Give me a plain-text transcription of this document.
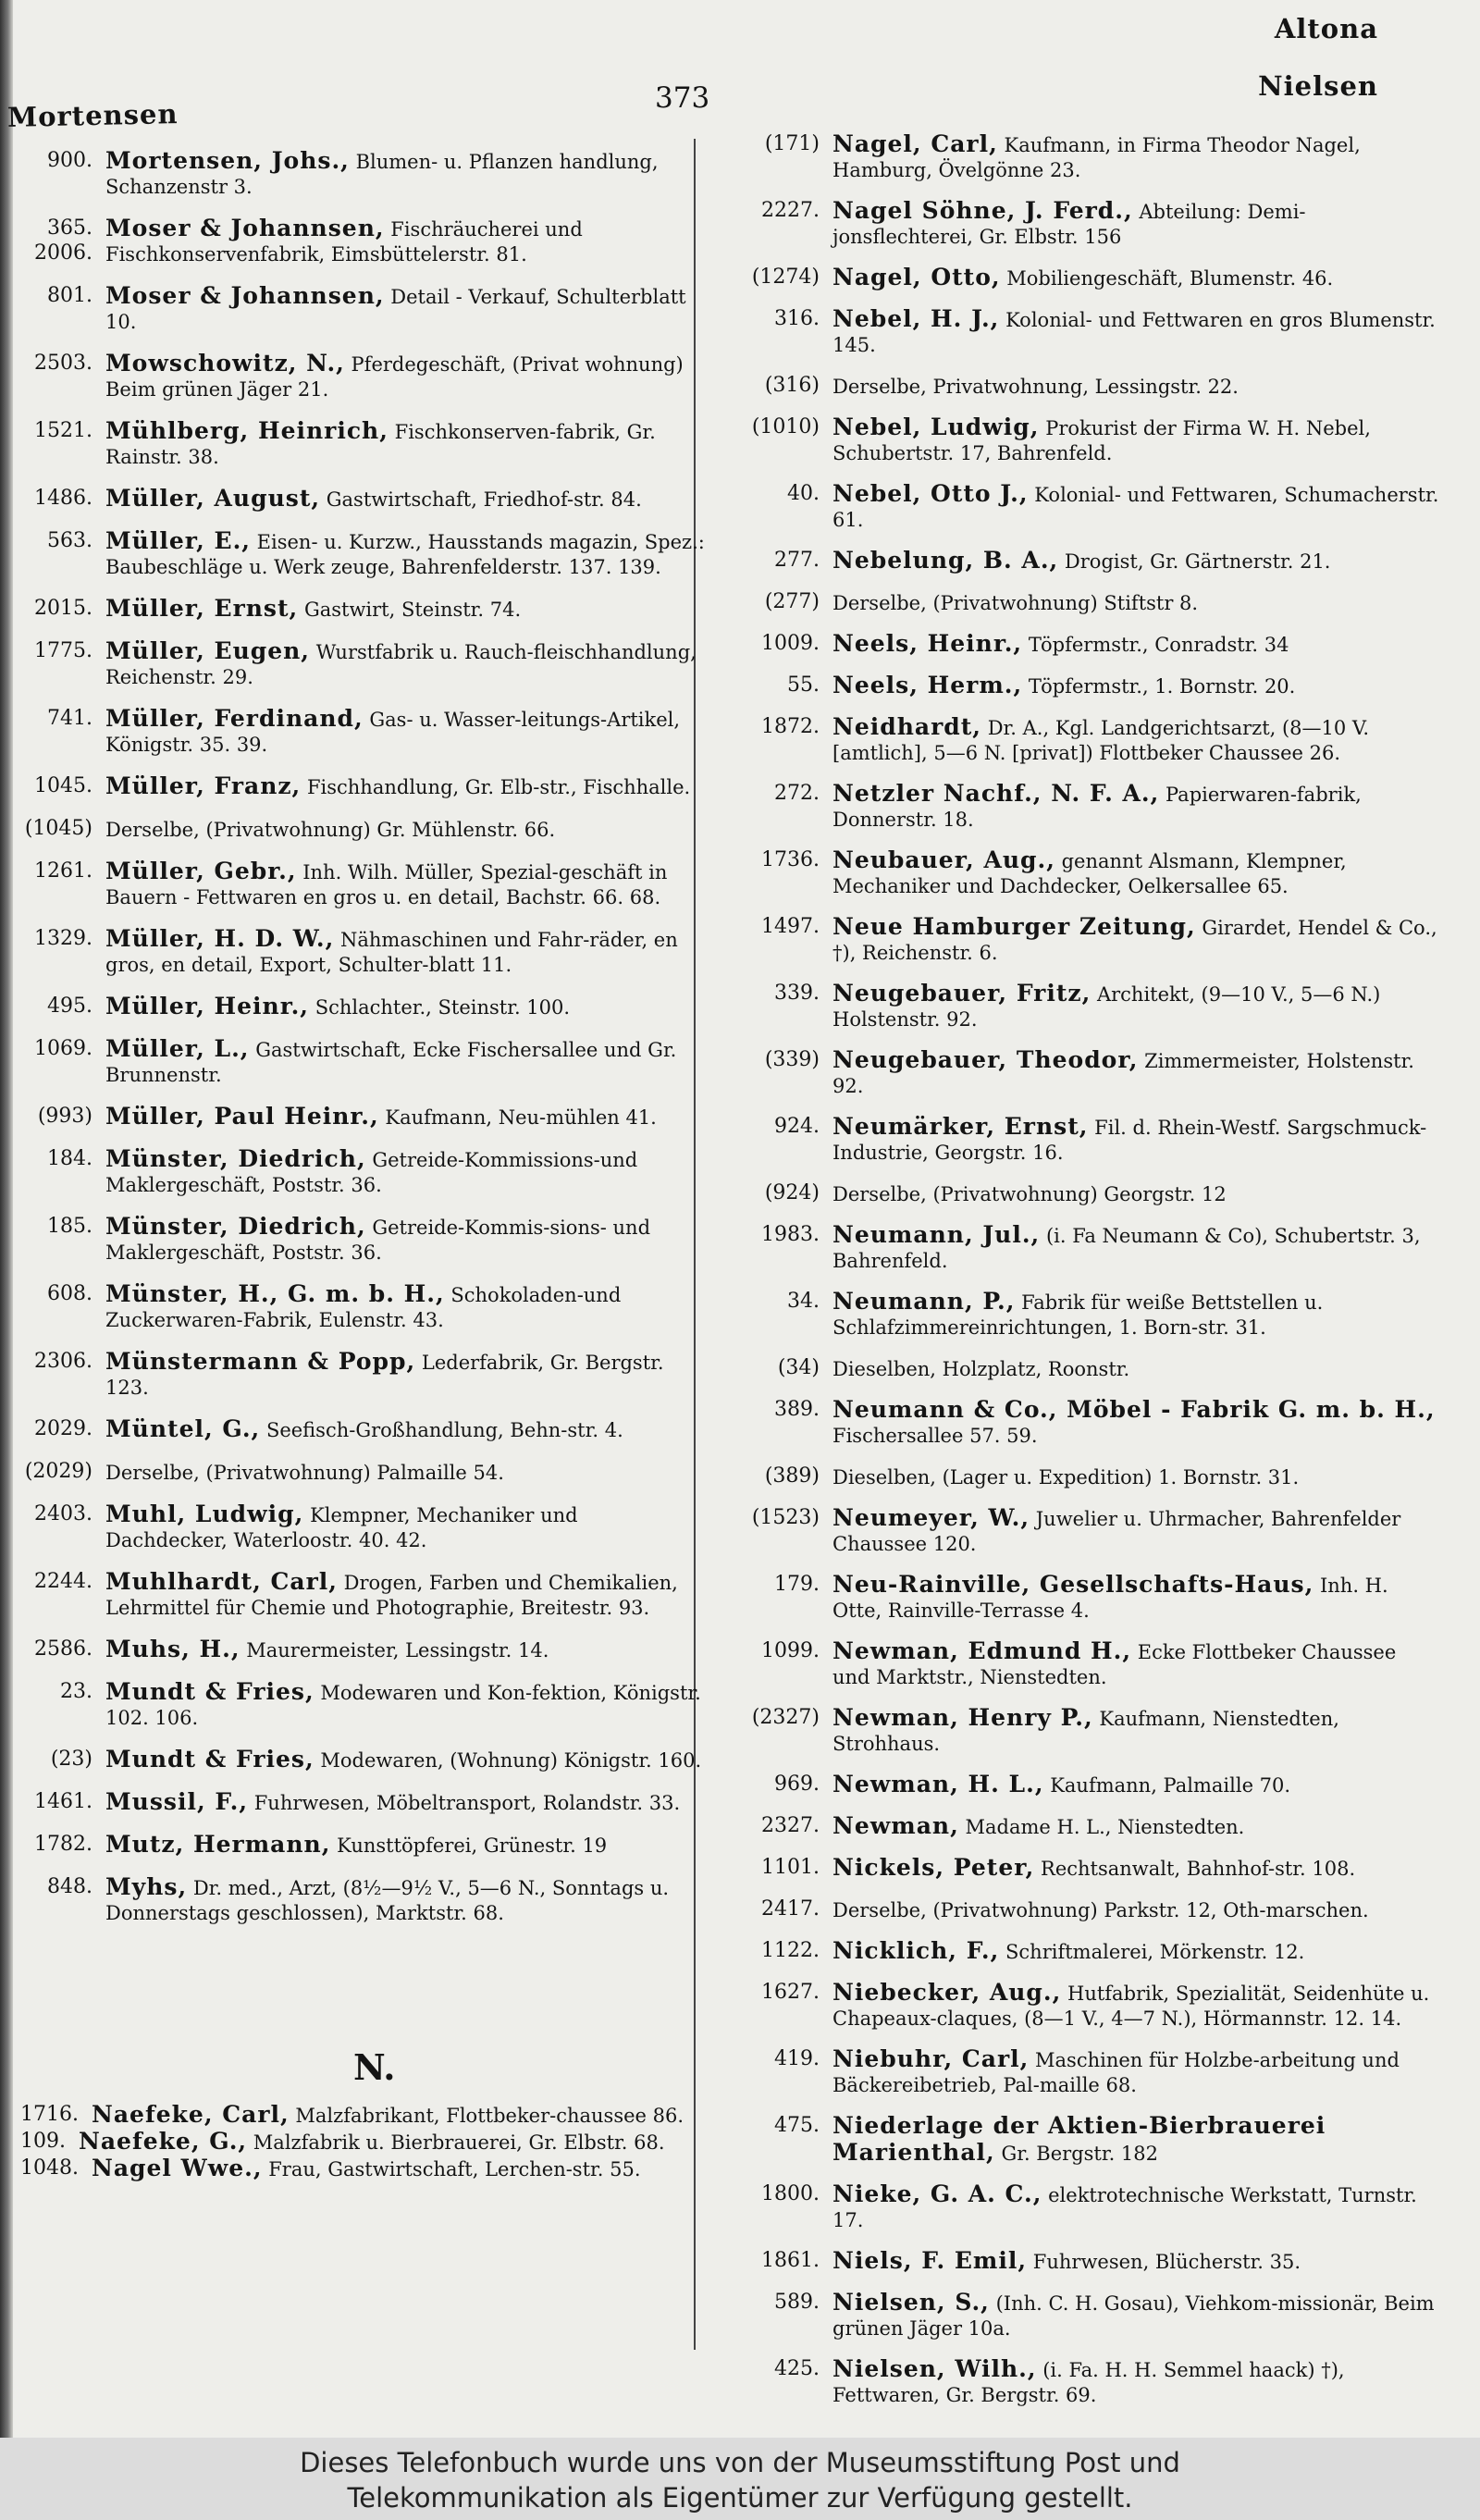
Mortensen
373
Altona
Nielsen
900. Mortensen, Johs., Blumen- u. Pflanzen handlung, Schanzenstr 3.
365.
2006.
Moser & Johannsen, Fischräucherei und Fischkonservenfabrik, Eimsbüttelerstr. 81.
801. Moser & Johannsen, Detail - Verkauf, Schulterblatt 10.
2503. Mowschowitz, N., Pferdegeschäft, (Privat wohnung) Beim grünen Jäger 21.
1521. Mühlberg, Heinrich, Fischkonserven-fabrik, Gr. Rainstr. 38.
1486. Müller, August, Gastwirtschaft, Friedhof-str. 84.
563. Müller, E., Eisen- u. Kurzw., Hausstands magazin, Spez.: Baubeschläge u. Werk zeuge, Bahrenfelderstr. 137. 139.
2015. Müller, Ernst, Gastwirt, Steinstr. 74.
1775. Müller, Eugen, Wurstfabrik u. Rauch-fleischhandlung, Reichenstr. 29.
741. Müller, Ferdinand, Gas- u. Wasser-leitungs-Artikel, Königstr. 35. 39.
1045. Müller, Franz, Fischhandlung, Gr. Elb-str., Fischhalle.
(1045) Derselbe, (Privatwohnung) Gr. Mühlenstr. 66.
1261. Müller, Gebr., Inh. Wilh. Müller, Spezial-geschäft in Bauern - Fettwaren en gros u. en detail, Bachstr. 66. 68.
1329. Müller, H. D. W., Nähmaschinen und Fahr-räder, en gros, en detail, Export, Schulter-blatt 11.
495. Müller, Heinr., Schlachter., Steinstr. 100.
1069. Müller, L., Gastwirtschaft, Ecke Fischersallee und Gr. Brunnenstr.
(993) Müller, Paul Heinr., Kaufmann, Neu-mühlen 41.
184. Münster, Diedrich, Getreide-Kommissions-und Maklergeschäft, Poststr. 36.
185. Münster, Diedrich, Getreide-Kommis-sions- und Maklergeschäft, Poststr. 36.
608. Münster, H., G. m. b. H., Schokoladen-und Zuckerwaren-Fabrik, Eulenstr. 43.
2306. Münstermann & Popp, Lederfabrik, Gr. Bergstr. 123.
2029. Müntel, G., Seefisch-Großhandlung, Behn-str. 4.
(2029) Derselbe, (Privatwohnung) Palmaille 54.
2403. Muhl, Ludwig, Klempner, Mechaniker und Dachdecker, Waterloostr. 40. 42.
2244. Muhlhardt, Carl, Drogen, Farben und Chemikalien, Lehrmittel für Chemie und Photographie, Breitestr. 93.
2586. Muhs, H., Maurermeister, Lessingstr. 14.
23. Mundt & Fries, Modewaren und Kon-fektion, Königstr. 102. 106.
(23) Mundt & Fries, Modewaren, (Wohnung) Königstr. 160.
1461. Mussil, F., Fuhrwesen, Möbeltransport, Rolandstr. 33.
1782. Mutz, Hermann, Kunsttöpferei, Grünestr. 19
848. Myhs, Dr. med., Arzt, (8½—9½ V., 5—6 N., Sonntags u. Donnerstags geschlossen), Marktstr. 68.
N.
1716. Naefeke, Carl, Malzfabrikant, Flottbeker-chaussee 86.
109. Naefeke, G., Malzfabrik u. Bierbrauerei, Gr. Elbstr. 68.
1048. Nagel Wwe., Frau, Gastwirtschaft, Lerchen-str. 55.
(171) Nagel, Carl, Kaufmann, in Firma Theodor Nagel, Hamburg, Övelgönne 23.
2227. Nagel Söhne, J. Ferd., Abteilung: Demi-jonsflechterei, Gr. Elbstr. 156
(1274) Nagel, Otto, Mobiliengeschäft, Blumenstr. 46.
316. Nebel, H. J., Kolonial- und Fettwaren en gros Blumenstr. 145.
(316) Derselbe, Privatwohnung, Lessingstr. 22.
(1010) Nebel, Ludwig, Prokurist der Firma W. H. Nebel, Schubertstr. 17, Bahrenfeld.
40. Nebel, Otto J., Kolonial- und Fettwaren, Schumacherstr. 61.
277. Nebelung, B. A., Drogist, Gr. Gärtnerstr. 21.
(277) Derselbe, (Privatwohnung) Stiftstr 8.
1009. Neels, Heinr., Töpfermstr., Conradstr. 34
55. Neels, Herm., Töpfermstr., 1. Bornstr. 20.
1872. Neidhardt, Dr. A., Kgl. Landgerichtsarzt, (8—10 V. [amtlich], 5—6 N. [privat]) Flottbeker Chaussee 26.
272. Netzler Nachf., N. F. A., Papierwaren-fabrik, Donnerstr. 18.
1736. Neubauer, Aug., genannt Alsmann, Klempner, Mechaniker und Dachdecker, Oelkersallee 65.
1497. Neue Hamburger Zeitung, Girardet, Hendel & Co., †), Reichenstr. 6.
339. Neugebauer, Fritz, Architekt, (9—10 V., 5—6 N.) Holstenstr. 92.
(339) Neugebauer, Theodor, Zimmermeister, Holstenstr. 92.
924. Neumärker, Ernst, Fil. d. Rhein-Westf. Sargschmuck-Industrie, Georgstr. 16.
(924) Derselbe, (Privatwohnung) Georgstr. 12
1983. Neumann, Jul., (i. Fa Neumann & Co), Schubertstr. 3, Bahrenfeld.
34. Neumann, P., Fabrik für weiße Bettstellen u. Schlafzimmereinrichtungen, 1. Born-str. 31.
(34) Dieselben, Holzplatz, Roonstr.
389. Neumann & Co., Möbel - Fabrik G. m. b. H., Fischersallee 57. 59.
(389) Dieselben, (Lager u. Expedition) 1. Bornstr. 31.
(1523) Neumeyer, W., Juwelier u. Uhrmacher, Bahrenfelder Chaussee 120.
179. Neu-Rainville, Gesellschafts-Haus, Inh. H. Otte, Rainville-Terrasse 4.
1099. Newman, Edmund H., Ecke Flottbeker Chaussee und Marktstr., Nienstedten.
(2327) Newman, Henry P., Kaufmann, Nienstedten, Strohhaus.
969. Newman, H. L., Kaufmann, Palmaille 70.
2327. Newman, Madame H. L., Nienstedten.
1101. Nickels, Peter, Rechtsanwalt, Bahnhof-str. 108.
2417. Derselbe, (Privatwohnung) Parkstr. 12, Oth-marschen.
1122. Nicklich, F., Schriftmalerei, Mörkenstr. 12.
1627. Niebecker, Aug., Hutfabrik, Spezialität, Seidenhüte u. Chapeaux-claques, (8—1 V., 4—7 N.), Hörmannstr. 12. 14.
419. Niebuhr, Carl, Maschinen für Holzbe-arbeitung und Bäckereibetrieb, Pal-maille 68.
475. Niederlage der Aktien-Bierbrauerei Marienthal, Gr. Bergstr. 182
1800. Nieke, G. A. C., elektrotechnische Werkstatt, Turnstr. 17.
1861. Niels, F. Emil, Fuhrwesen, Blücherstr. 35.
589. Nielsen, S., (Inh. C. H. Gosau), Viehkom-missionär, Beim grünen Jäger 10a.
425. Nielsen, Wilh., (i. Fa. H. H. Semmel haack) †), Fettwaren, Gr. Bergstr. 69.
Dieses Telefonbuch wurde uns von der Museumsstiftung Post und
Telekommunikation als Eigentümer zur Verfügung gestellt.
